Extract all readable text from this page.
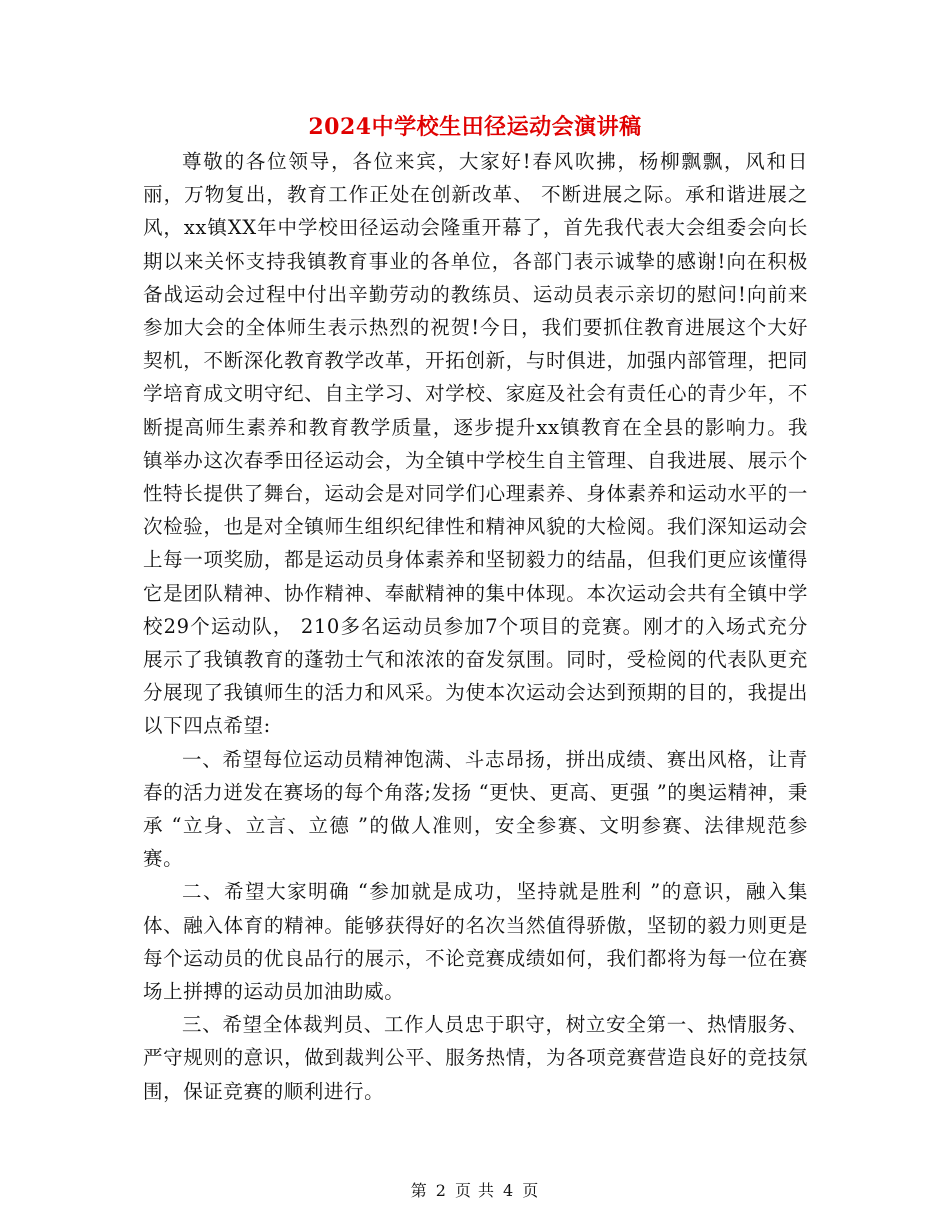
2024中学校生田径运动会演讲稿

尊敬的各位领导，各位来宾，大家好!春风吹拂，杨柳飘飘，风和日丽，万物复出，教育工作正处在创新改革、 不断进展之际。承和谐进展之风，xx镇XX年中学校田径运动会隆重开幕了，首先我代表大会组委会向长期以来关怀支持我镇教育事业的各单位，各部门表示诚挚的感谢!向在积极备战运动会过程中付出辛勤劳动的教练员、运动员表示亲切的慰问!向前来参加大会的全体师生表示热烈的祝贺!今日，我们要抓住教育进展这个大好契机，不断深化教育教学改革，开拓创新，与时俱进，加强内部管理，把同学培育成文明守纪、自主学习、对学校、家庭及社会有责任心的青少年，不断提高师生素养和教育教学质量，逐步提升xx镇教育在全县的影响力。我镇举办这次春季田径运动会，为全镇中学校生自主管理、自我进展、展示个性特长提供了舞台，运动会是对同学们心理素养、身体素养和运动水平的一次检验，也是对全镇师生组织纪律性和精神风貌的大检阅。我们深知运动会上每一项奖励，都是运动员身体素养和坚韧毅力的结晶，但我们更应该懂得它是团队精神、协作精神、奉献精神的集中体现。本次运动会共有全镇中学校29个运动队， 210多名运动员参加7个项目的竞赛。刚才的入场式充分展示了我镇教育的蓬勃士气和浓浓的奋发氛围。同时，受检阅的代表队更充分展现了我镇师生的活力和风采。为使本次运动会达到预期的目的，我提出以下四点希望:

一、希望每位运动员精神饱满、斗志昂扬，拼出成绩、赛出风格，让青春的活力迸发在赛场的每个角落;发扬 “更快、更高、更强 ”的奥运精神，秉承 “立身、立言、立德 ”的做人准则，安全参赛、文明参赛、法律规范参赛。

二、希望大家明确 “参加就是成功，坚持就是胜利 ”的意识，融入集体、融入体育的精神。能够获得好的名次当然值得骄傲，坚韧的毅力则更是每个运动员的优良品行的展示，不论竞赛成绩如何，我们都将为每一位在赛场上拼搏的运动员加油助威。

三、希望全体裁判员、工作人员忠于职守，树立安全第一、热情服务、严守规则的意识，做到裁判公平、服务热情，为各项竞赛营造良好的竞技氛围，保证竞赛的顺利进行。

第 2 页 共 4 页
